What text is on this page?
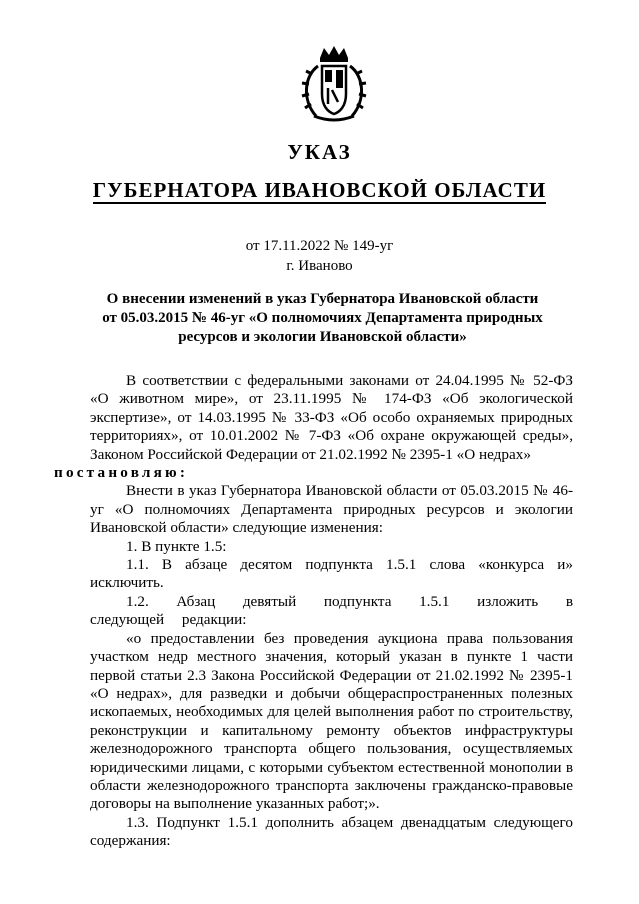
УКАЗ
ГУБЕРНАТОРА ИВАНОВСКОЙ ОБЛАСТИ
от 17.11.2022 № 149-уг
г. Иваново
О внесении изменений в указ Губернатора Ивановской области от 05.03.2015 № 46-уг «О полномочиях Департамента природных ресурсов и экологии Ивановской области»

В соответствии с федеральными законами от 24.04.1995 № 52-ФЗ «О животном мире», от 23.11.1995 № 174-ФЗ «Об экологической экспертизе», от 14.03.1995 № 33-ФЗ «Об особо охраняемых природных территориях», от 10.01.2002 № 7-ФЗ «Об охране окружающей среды», Законом Российской Федерации от 21.02.1992 № 2395-1 «О недрах»
постановляю:

Внести в указ Губернатора Ивановской области от 05.03.2015 № 46-уг «О полномочиях Департамента природных ресурсов и экологии Ивановской области» следующие изменения:

1. В пункте 1.5:

1.1. В абзаце десятом подпункта 1.5.1 слова «конкурса и» исключить.

1.2. Абзац девятый подпункта 1.5.1 изложить в следующей редакции:

«о предоставлении без проведения аукциона права пользования участком недр местного значения, который указан в пункте 1 части первой статьи 2.3 Закона Российской Федерации от 21.02.1992 № 2395-1 «О недрах», для разведки и добычи общераспространенных полезных ископаемых, необходимых для целей выполнения работ по строительству, реконструкции и капитальному ремонту объектов инфраструктуры железнодорожного транспорта общего пользования, осуществляемых юридическими лицами, с которыми субъектом естественной монополии в области железнодорожного транспорта заключены гражданско-правовые договоры на выполнение указанных работ;».

1.3. Подпункт 1.5.1 дополнить абзацем двенадцатым следующего содержания:
